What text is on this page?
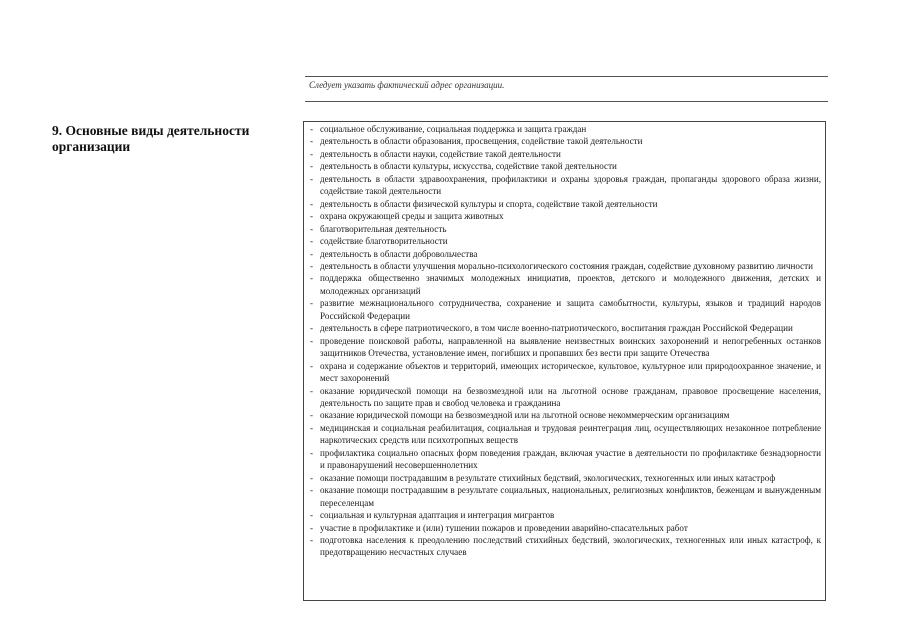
Следует указать фактический адрес организации.
9. Основные виды деятельности организации
- социальное обслуживание, социальная поддержка и защита граждан
- деятельность в области образования, просвещения, содействие такой деятельности
- деятельность в области науки, содействие такой деятельности
- деятельность в области культуры, искусства, содействие такой деятельности
- деятельность в области здравоохранения, профилактики и охраны здоровья граждан, пропаганды здорового образа жизни, содействие такой деятельности
- деятельность в области физической культуры и спорта, содействие такой деятельности
- охрана окружающей среды и защита животных
- благотворительная деятельность
- содействие благотворительности
- деятельность в области добровольчества
- деятельность в области улучшения морально-психологического состояния граждан, содействие духовному развитию личности
- поддержка общественно значимых молодежных инициатив, проектов, детского и молодежного движения, детских и молодежных организаций
- развитие межнационального сотрудничества, сохранение и защита самобытности, культуры, языков и традиций народов Российской Федерации
- деятельность в сфере патриотического, в том числе военно-патриотического, воспитания граждан Российской Федерации
- проведение поисковой работы, направленной на выявление неизвестных воинских захоронений и непогребенных останков защитников Отечества, установление имен, погибших и пропавших без вести при защите Отечества
- охрана и содержание объектов и территорий, имеющих историческое, культовое, культурное или природоохранное значение, и мест захоронений
- оказание юридической помощи на безвозмездной или на льготной основе гражданам, правовое просвещение населения, деятельность по защите прав и свобод человека и гражданина
- оказание юридической помощи на безвозмездной или на льготной основе некоммерческим организациям
- медицинская и социальная реабилитация, социальная и трудовая реинтеграция лиц, осуществляющих незаконное потребление наркотических средств или психотропных веществ
- профилактика социально опасных форм поведения граждан, включая участие в деятельности по профилактике безнадзорности и правонарушений несовершеннолетних
- оказание помощи пострадавшим в результате стихийных бедствий, экологических, техногенных или иных катастроф
- оказание помощи пострадавшим в результате социальных, национальных, религиозных конфликтов, беженцам и вынужденным переселенцам
- социальная и культурная адаптация и интеграция мигрантов
- участие в профилактике и (или) тушении пожаров и проведении аварийно-спасательных работ
- подготовка населения к преодолению последствий стихийных бедствий, экологических, техногенных или иных катастроф, к предотвращению несчастных случаев
